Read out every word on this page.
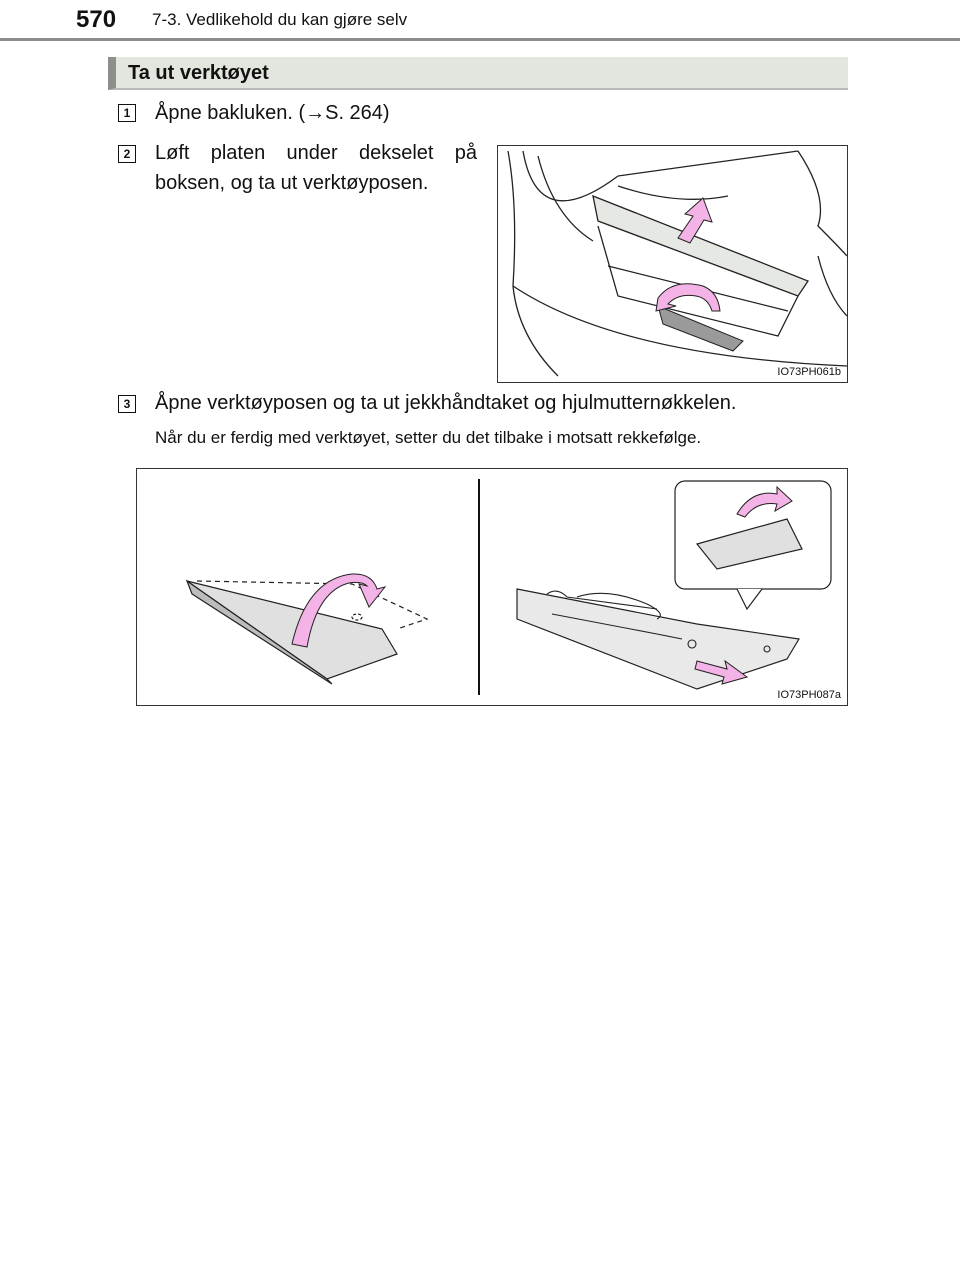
570 7-3. Vedlikehold du kan gjøre selv
Ta ut verktøyet
1 Åpne bakluken. (→S. 264)
2 Løft platen under dekselet på boksen, og ta ut verktøyposen.
IO73PH061b
3 Åpne verktøyposen og ta ut jekkhåndtaket og hjulmutternøkkelen.
Når du er ferdig med verktøyet, setter du det tilbake i motsatt rekkefølge.
IO73PH087a
